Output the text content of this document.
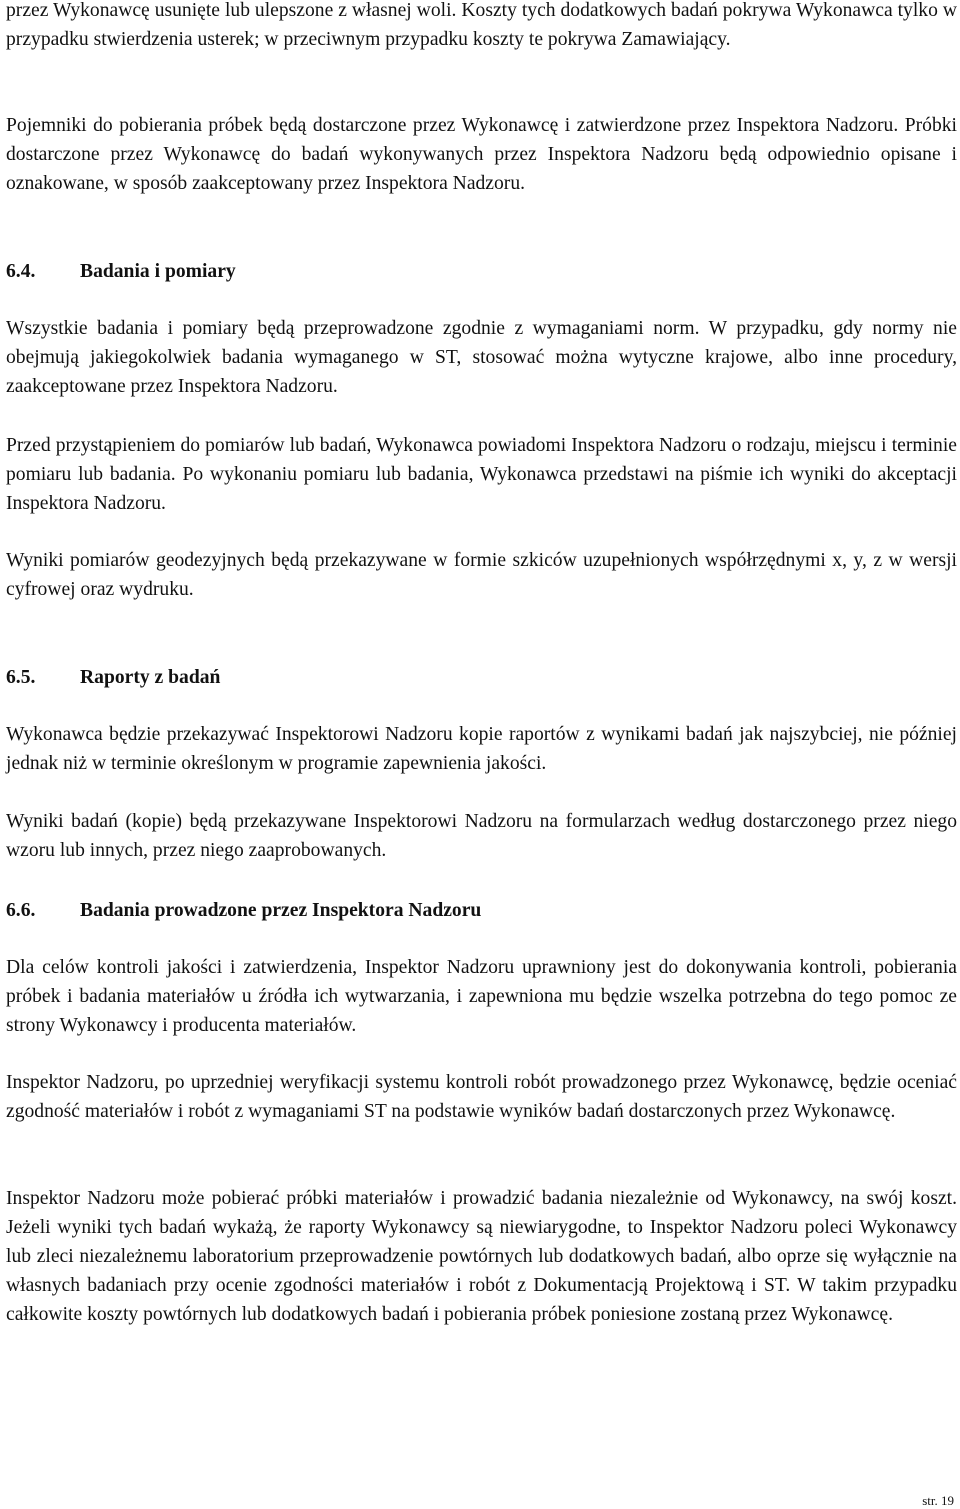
przez Wykonawcę usunięte lub ulepszone z własnej woli. Koszty tych dodatkowych badań pokrywa Wykonawca tylko w przypadku stwierdzenia usterek; w przeciwnym przypadku koszty te pokrywa Zamawiający.

Pojemniki do pobierania próbek będą dostarczone przez Wykonawcę i zatwierdzone przez Inspektora Nadzoru. Próbki dostarczone przez Wykonawcę do badań wykonywanych przez Inspektora Nadzoru będą odpowiednio opisane i oznakowane, w sposób zaakceptowany przez Inspektora Nadzoru.

6.4. Badania i pomiary

Wszystkie badania i pomiary będą przeprowadzone zgodnie z wymaganiami norm. W przypadku, gdy normy nie obejmują jakiegokolwiek badania wymaganego w ST, stosować można wytyczne krajowe, albo inne procedury, zaakceptowane przez Inspektora Nadzoru.

Przed przystąpieniem do pomiarów lub badań, Wykonawca powiadomi Inspektora Nadzoru o rodzaju, miejscu i terminie pomiaru lub badania. Po wykonaniu pomiaru lub badania, Wykonawca przedstawi na piśmie ich wyniki do akceptacji Inspektora Nadzoru.

Wyniki pomiarów geodezyjnych będą przekazywane w formie szkiców uzupełnionych współrzędnymi x, y, z w wersji cyfrowej oraz wydruku.

6.5. Raporty z badań

Wykonawca będzie przekazywać Inspektorowi Nadzoru kopie raportów z wynikami badań jak najszybciej, nie później jednak niż w terminie określonym w programie zapewnienia jakości.

Wyniki badań (kopie) będą przekazywane Inspektorowi Nadzoru na formularzach według dostarczonego przez niego wzoru lub innych, przez niego zaaprobowanych.

6.6. Badania prowadzone przez Inspektora Nadzoru

Dla celów kontroli jakości i zatwierdzenia, Inspektor Nadzoru uprawniony jest do dokonywania kontroli, pobierania próbek i badania materiałów u źródła ich wytwarzania, i zapewniona mu będzie wszelka potrzebna do tego pomoc ze strony Wykonawcy i producenta materiałów.

Inspektor Nadzoru, po uprzedniej weryfikacji systemu kontroli robót prowadzonego przez Wykonawcę, będzie oceniać zgodność materiałów i robót z wymaganiami ST na podstawie wyników badań dostarczonych przez Wykonawcę.

Inspektor Nadzoru może pobierać próbki materiałów i prowadzić badania niezależnie od Wykonawcy, na swój koszt. Jeżeli wyniki tych badań wykażą, że raporty Wykonawcy są niewiarygodne, to Inspektor Nadzoru poleci Wykonawcy lub zleci niezależnemu laboratorium przeprowadzenie powtórnych lub dodatkowych badań, albo oprze się wyłącznie na własnych badaniach przy ocenie zgodności materiałów i robót z Dokumentacją Projektową i ST. W takim przypadku całkowite koszty powtórnych lub dodatkowych badań i pobierania próbek poniesione zostaną przez Wykonawcę.

str. 19
